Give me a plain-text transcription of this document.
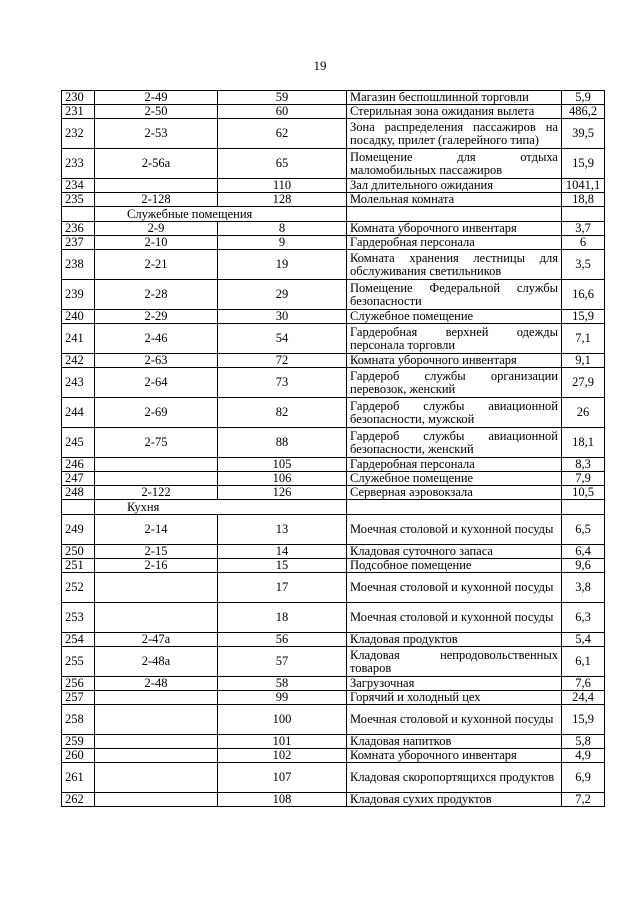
19
230	2-49	59	Магазин беспошлинной торговли	5,9
231	2-50	60	Стерильная зона ожидания вылета	486,2
232	2-53	62	Зона распределения пассажиров на посадку, прилет (галерейного типа)	39,5
233	2-56а	65	Помещение для отдыха маломобильных пассажиров	15,9
234		110	Зал длительного ожидания	1041,1
235	2-128	128	Молельная комната	18,8
	Служебные помещения			
236	2-9	8	Комната уборочного инвентаря	3,7
237	2-10	9	Гардеробная персонала	6
238	2-21	19	Комната хранения лестницы для обслуживания светильников	3,5
239	2-28	29	Помещение Федеральной службы безопасности	16,6
240	2-29	30	Служебное помещение	15,9
241	2-46	54	Гардеробная верхней одежды персонала торговли	7,1
242	2-63	72	Комната уборочного инвентаря	9,1
243	2-64	73	Гардероб службы организации перевозок, женский	27,9
244	2-69	82	Гардероб службы авиационной безопасности, мужской	26
245	2-75	88	Гардероб службы авиационной безопасности, женский	18,1
246		105	Гардеробная персонала	8,3
247		106	Служебное помещение	7,9
248	2-122	126	Серверная аэровокзала	10,5
	Кухня			
249	2-14	13	Моечная столовой и кухонной посуды	6,5
250	2-15	14	Кладовая суточного запаса	6,4
251	2-16	15	Подсобное помещение	9,6
252		17	Моечная столовой и кухонной посуды	3,8
253		18	Моечная столовой и кухонной посуды	6,3
254	2-47а	56	Кладовая продуктов	5,4
255	2-48а	57	Кладовая непродовольственных товаров	6,1
256	2-48	58	Загрузочная	7,6
257		99	Горячий и холодный цех	24,4
258		100	Моечная столовой и кухонной посуды	15,9
259		101	Кладовая напитков	5,8
260		102	Комната уборочного инвентаря	4,9
261		107	Кладовая скоропортящихся продуктов	6,9
262		108	Кладовая сухих продуктов	7,2
